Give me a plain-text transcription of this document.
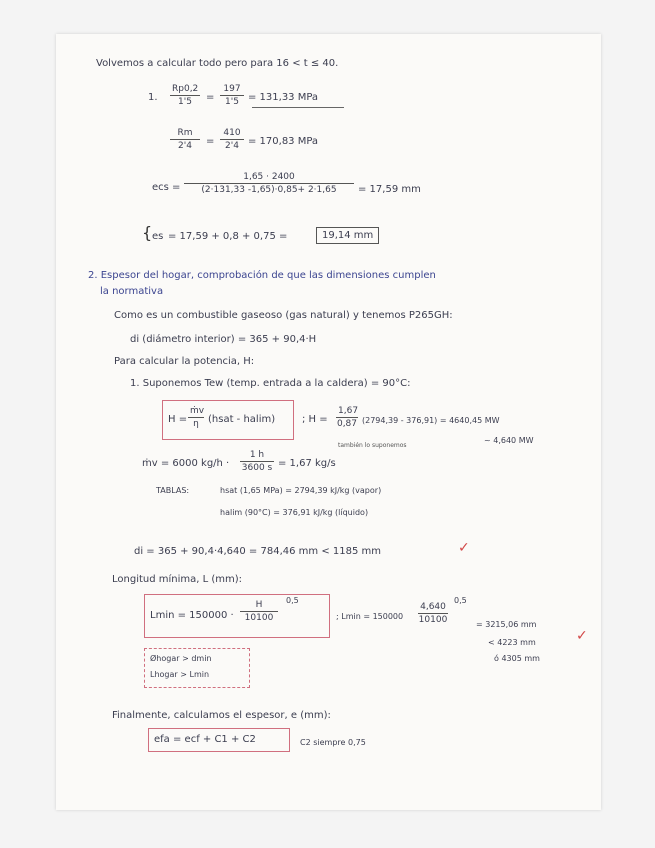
Volvemos a calcular todo pero para 16 < t ≤ 40.
1. $\frac{Rp0,2}{1'5} = \frac{197}{1'5} = 131,33$ MPa
$\frac{Rm}{2'4} = \frac{410}{2'4} = 170,83$ MPa
ecs = $\frac{1,65 \cdot 2400}{(2\cdot 131,33 -1,65)\cdot 0,85+ 2\cdot 1,65} = 17,59$ mm
{ es = 17,59 + 0,8 + 0,75 =	19,14 mm
2. Espesor del hogar, comprobación de que las dimensiones cumplen
la normativa
Como es un combustible gaseoso (gas natural) y tenemos P265GH:
di (diámetro interior) = 365 + 90,4·H
Para calcular la potencia, H:
1. Suponemos Tew (temp. entrada a la caldera) = 90°C:
$H = \frac{\text{ṁv}}{\eta}$ (hsat - halim)	; $H = \frac{1,67}{0,87} (2794,39 - 376,91) = 4640,45$ MW
también lo suponemos
~ 4,640 MW
ṁv = 6000 $kg/h \cdot \frac{1 h}{3600 s} = 1,67$ kg/s
TABLAS:	hsat (1,65 MPa) = 2794,39 kJ/kg (vapor)
halim (90°C) = 376,91 kJ/kg (líquido)
di = 365 + 90,4·4,640 = 784,46 mm < 1185 mm	✓
Longitud mínima, L (mm):
$Lmin = 150000 \cdot \frac{H}{10100} 0,5$
; $Lmin = 150000 \frac{4,640}{10100}$
0,5
= 3215,06 mm
< 4223 mm
ó 4305 mm
✓
Øhogar > dmin
Lhogar > Lmin
Finalmente, calculamos el espesor, e (mm):
efa = ecf + C1 + C2	C2 siempre 0,75
